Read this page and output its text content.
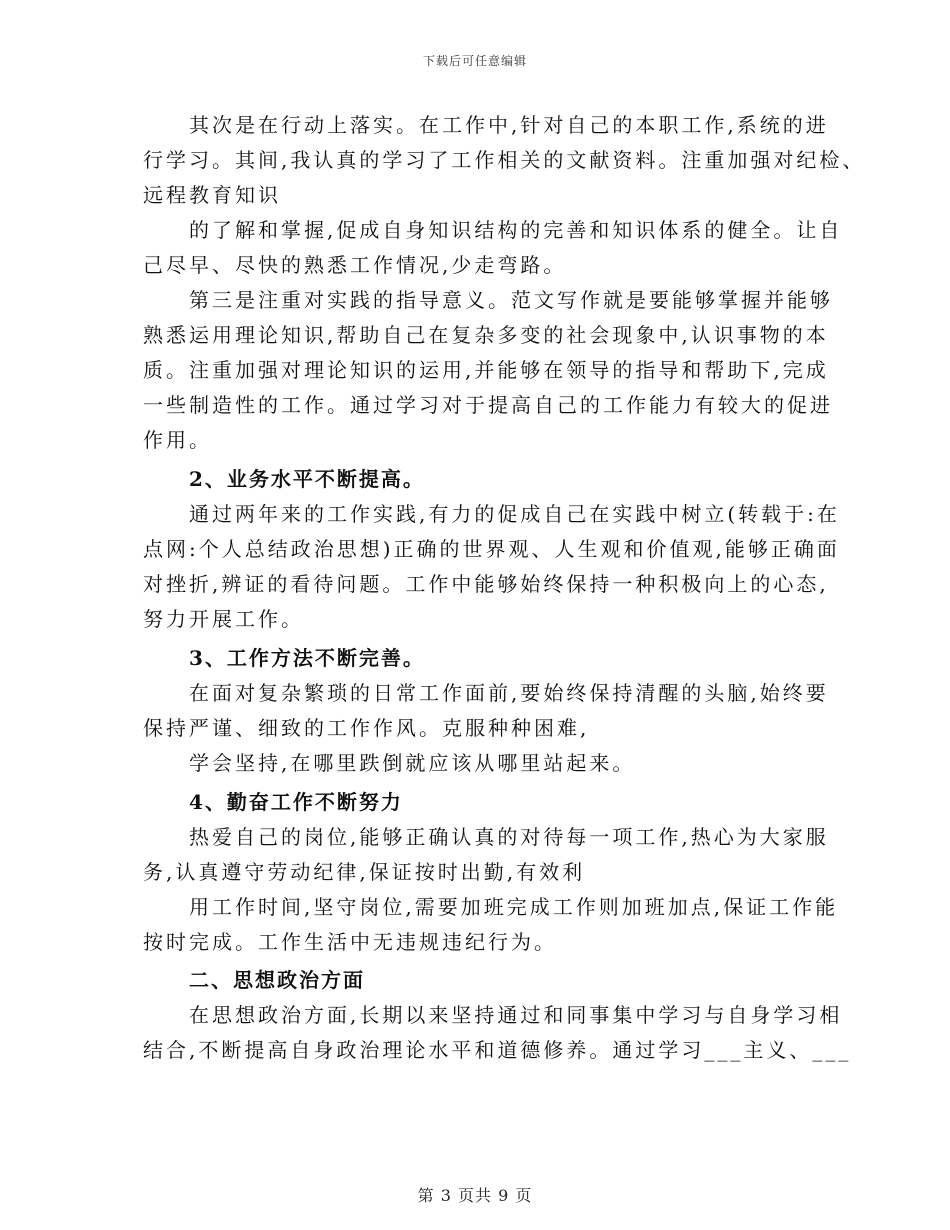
下载后可任意编辑
其次是在行动上落实。在工作中,针对自己的本职工作,系统的进
行学习。其间,我认真的学习了工作相关的文献资料。注重加强对纪检、
远程教育知识
的了解和掌握,促成自身知识结构的完善和知识体系的健全。让自
己尽早、尽快的熟悉工作情况,少走弯路。
第三是注重对实践的指导意义。范文写作就是要能够掌握并能够
熟悉运用理论知识,帮助自己在复杂多变的社会现象中,认识事物的本
质。注重加强对理论知识的运用,并能够在领导的指导和帮助下,完成
一些制造性的工作。通过学习对于提高自己的工作能力有较大的促进
作用。
2、业务水平不断提高。
通过两年来的工作实践,有力的促成自己在实践中树立(转载于:在
点网:个人总结政治思想)正确的世界观、人生观和价值观,能够正确面
对挫折,辨证的看待问题。工作中能够始终保持一种积极向上的心态,
努力开展工作。
3、工作方法不断完善。
在面对复杂繁琐的日常工作面前,要始终保持清醒的头脑,始终要
保持严谨、细致的工作作风。克服种种困难,
学会坚持,在哪里跌倒就应该从哪里站起来。
4、勤奋工作不断努力
热爱自己的岗位,能够正确认真的对待每一项工作,热心为大家服
务,认真遵守劳动纪律,保证按时出勤,有效利
用工作时间,坚守岗位,需要加班完成工作则加班加点,保证工作能
按时完成。工作生活中无违规违纪行为。
二、思想政治方面
在思想政治方面,长期以来坚持通过和同事集中学习与自身学习相
结合,不断提高自身政治理论水平和道德修养。通过学习___主义、___
第 3 页共 9 页
